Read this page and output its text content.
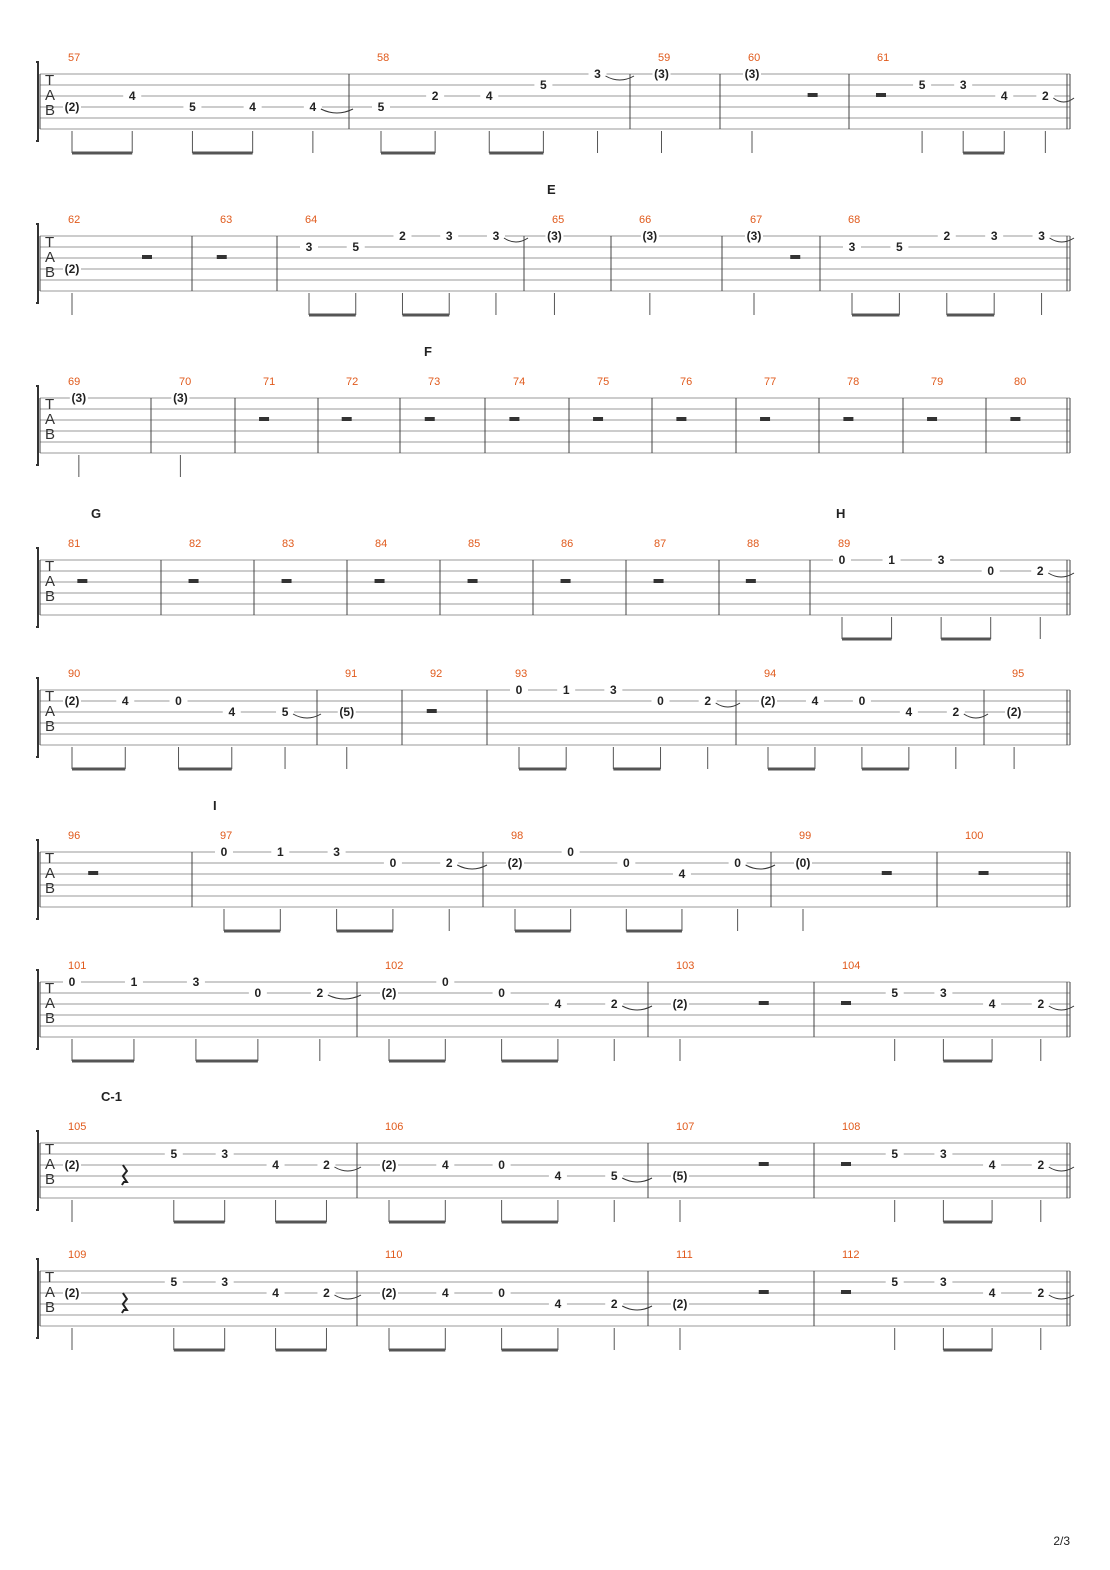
T
A
B
57
(2)
4
5	4	4
58
5
2	4
5
3
59
(3)
60
(3)
61
5	3
4	2
T
A
B
E
62
(2)
63	64
3	5
2	3	3
65
(3)
66
(3)
67
(3)
68
3	5
2	3	3
T
A
B
F
69
(3)
70
(3)
71	72	73	74	75	76	77	78	79	80
T
A
B
G	H
81	82	83	84	85	86	87	88	89
0	1	3
0	2
T
A
B
90
(2)	4	0
4	5
91
(5)
92	93
0	1	3
0	2
94
(2)	4	0
4	2
95
(2)
T
A
B
I
96	97
0	1	3
0	2
98
(2)
0
0
4
0
99
(0)
100
T
A
B
101
0	1	3
0	2
102
(2)
0
0
4	2
103
(2)
104
5	3
4	2
T
A
B
C-1
105
(2)
5	3
4	2
106
(2)	4	0
4	5
107
(5)
108
5	3
4	2
T
A
B
109
(2)
5	3
4	2
110
(2)	4	0
4	2
111
(2)
112
5	3
4	2
2/3
